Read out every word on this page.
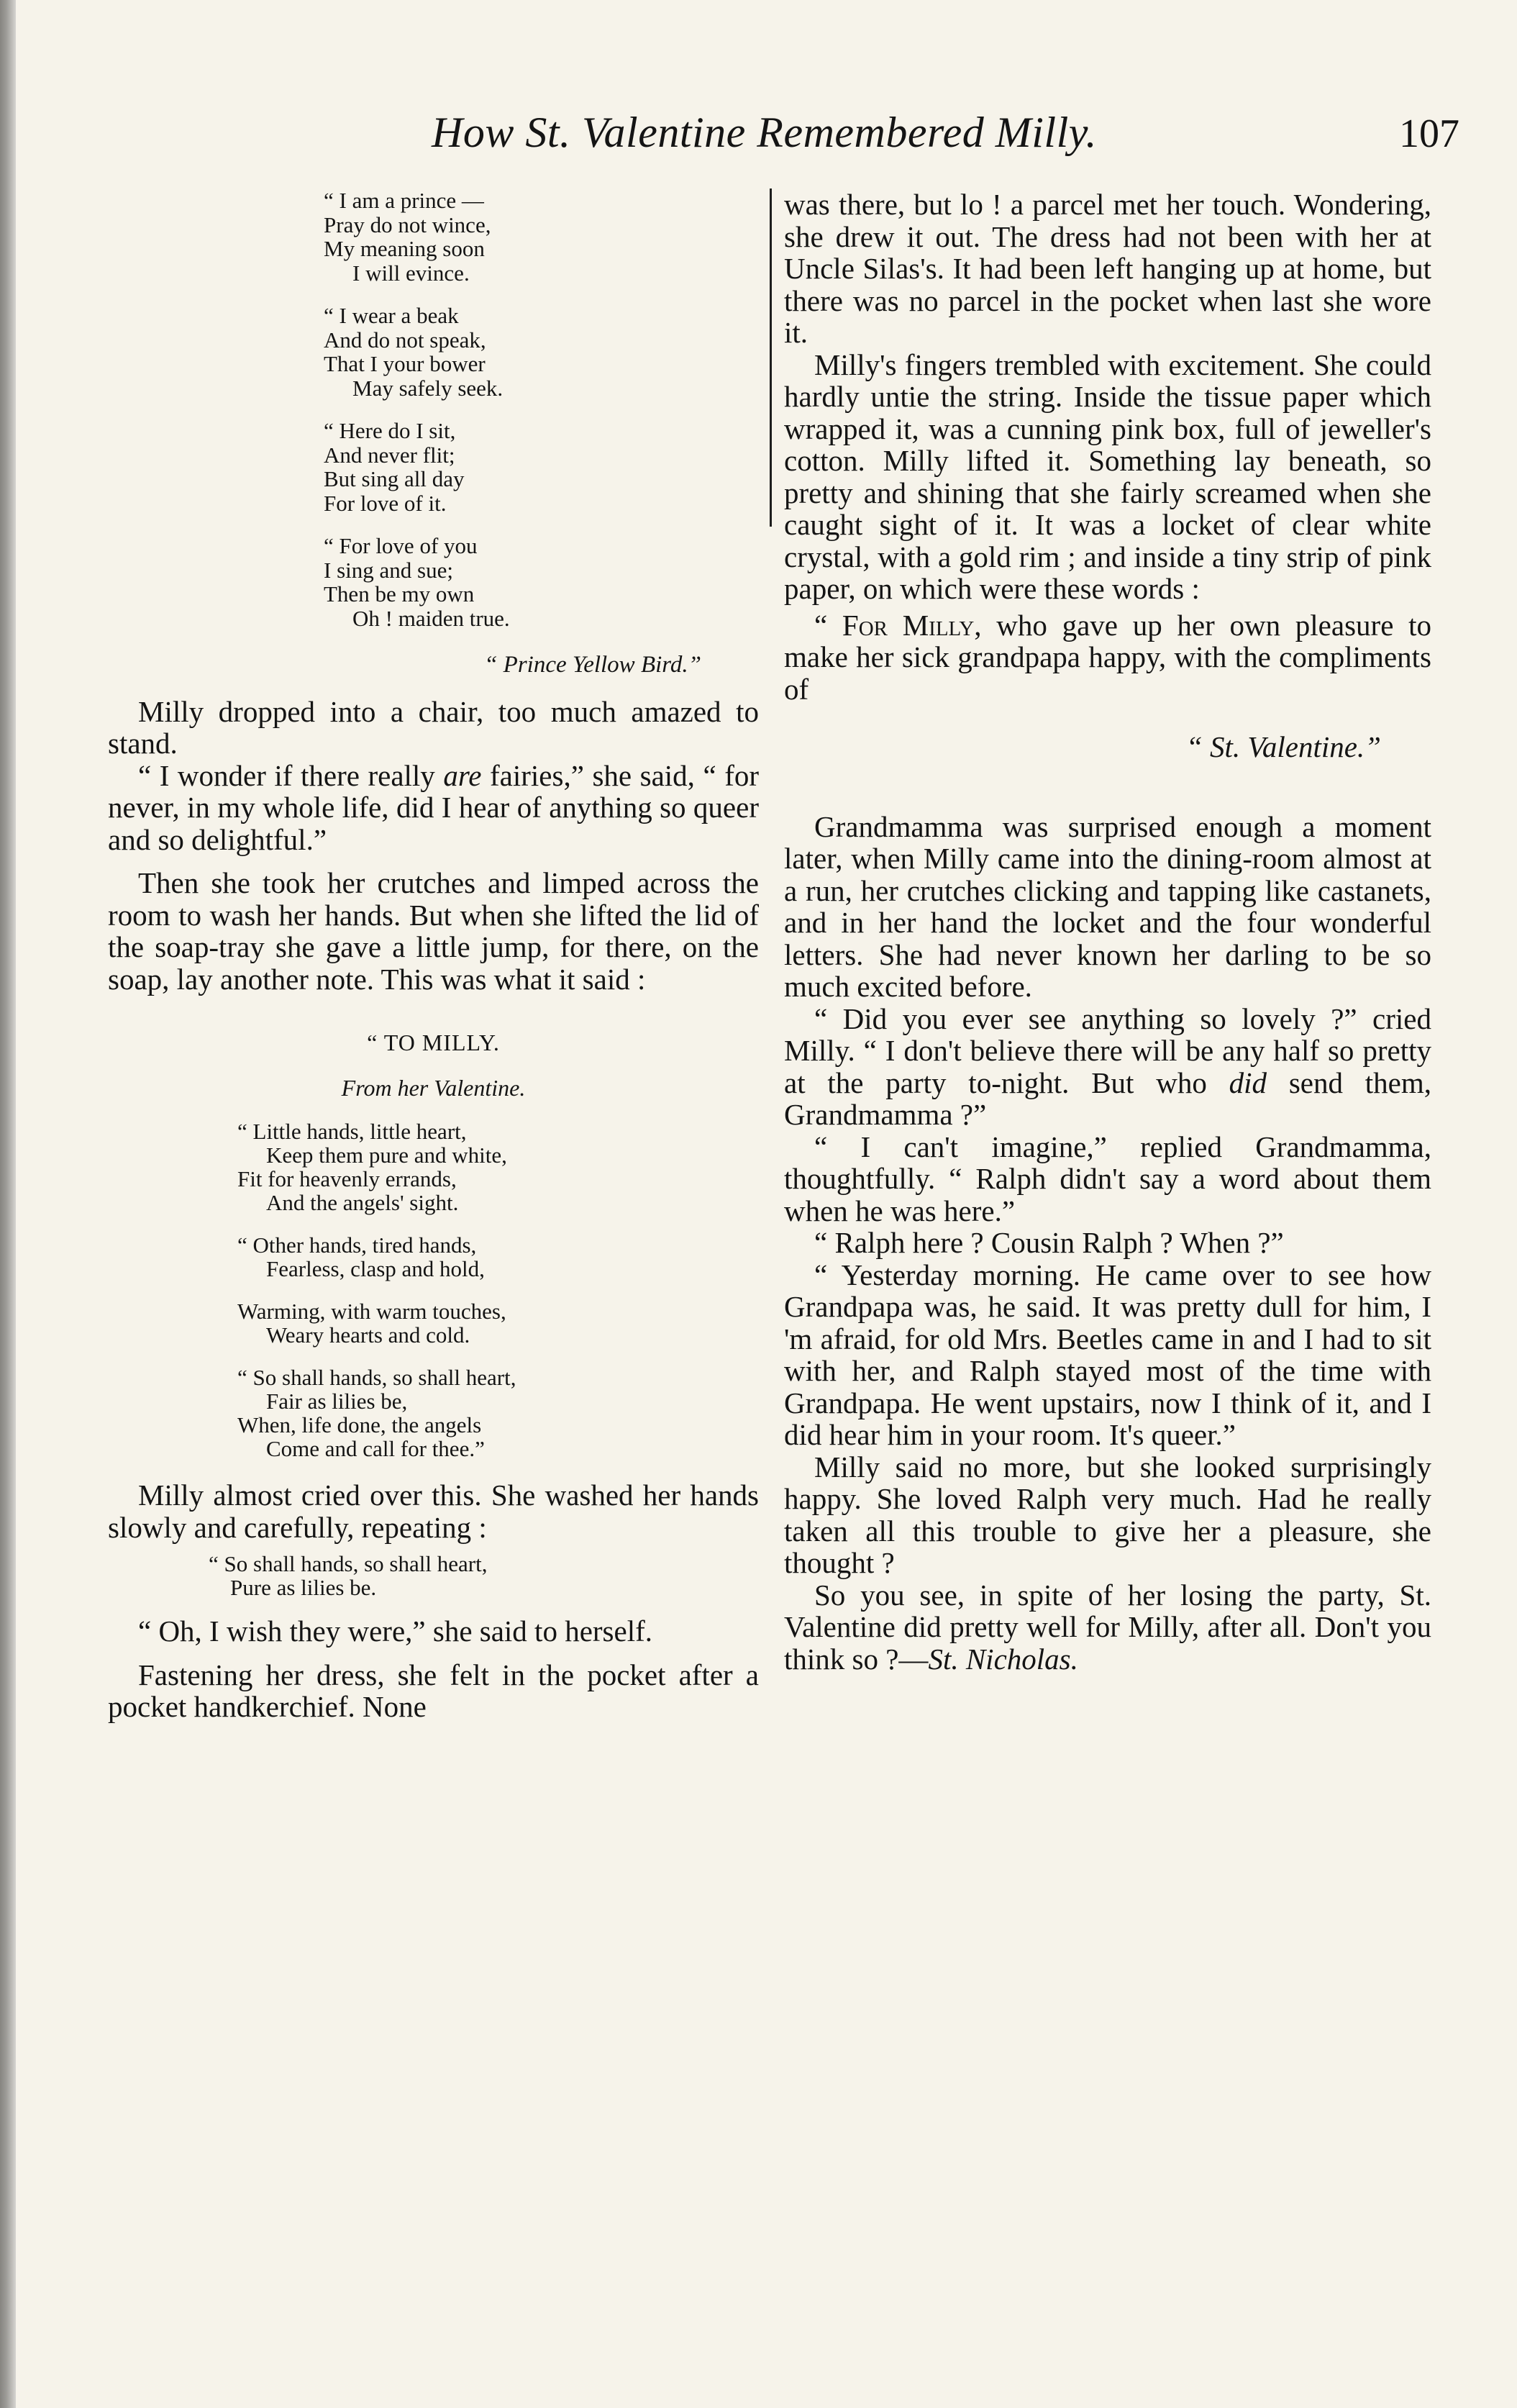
How St. Valentine Remembered Milly.	107
“ I am a prince —
Pray do not wince,
My meaning soon
I will evince.
“ I wear a beak
And do not speak,
That I your bower
May safely seek.
“ Here do I sit,
And never flit;
But sing all day
For love of it.
“ For love of you
I sing and sue;
Then be my own
Oh ! maiden true.
“ Prince Yellow Bird.”

Milly dropped into a chair, too much amazed to stand.

“ I wonder if there really are fairies,” she said, “ for never, in my whole life, did I hear of anything so queer and so delightful.”

Then she took her crutches and limped across the room to wash her hands. But when she lifted the lid of the soap-tray she gave a little jump, for there, on the soap, lay another note. This was what it said :

“ TO MILLY.
From her Valentine.
“ Little hands, little heart,
Keep them pure and white,
Fit for heavenly errands,
And the angels' sight.
“ Other hands, tired hands,
Fearless, clasp and hold,
Warming, with warm touches,
Weary hearts and cold.
“ So shall hands, so shall heart,
Fair as lilies be,
When, life done, the angels
Come and call for thee.”

Milly almost cried over this. She washed her hands slowly and carefully, repeating :

“ So shall hands, so shall heart,
Pure as lilies be.

“ Oh, I wish they were,” she said to herself.

Fastening her dress, she felt in the pocket after a pocket handkerchief. None

was there, but lo ! a parcel met her touch. Wondering, she drew it out. The dress had not been with her at Uncle Silas's. It had been left hanging up at home, but there was no parcel in the pocket when last she wore it.

Milly's fingers trembled with excitement. She could hardly untie the string. Inside the tissue paper which wrapped it, was a cunning pink box, full of jeweller's cotton. Milly lifted it. Something lay beneath, so pretty and shining that she fairly screamed when she caught sight of it. It was a locket of clear white crystal, with a gold rim ; and inside a tiny strip of pink paper, on which were these words :

“ For Milly, who gave up her own pleasure to make her sick grandpapa happy, with the compliments of

“ St. Valentine.”

Grandmamma was surprised enough a moment later, when Milly came into the dining-room almost at a run, her crutches clicking and tapping like castanets, and in her hand the locket and the four wonderful letters. She had never known her darling to be so much excited before.

“ Did you ever see anything so lovely ?” cried Milly. “ I don't believe there will be any half so pretty at the party to-night. But who did send them, Grandmamma ?”

“ I can't imagine,” replied Grandmamma, thoughtfully. “ Ralph didn't say a word about them when he was here.”

“ Ralph here ? Cousin Ralph ? When ?”

“ Yesterday morning. He came over to see how Grandpapa was, he said. It was pretty dull for him, I 'm afraid, for old Mrs. Beetles came in and I had to sit with her, and Ralph stayed most of the time with Grandpapa. He went upstairs, now I think of it, and I did hear him in your room. It's queer.”

Milly said no more, but she looked surprisingly happy. She loved Ralph very much. Had he really taken all this trouble to give her a pleasure, she thought ?

So you see, in spite of her losing the party, St. Valentine did pretty well for Milly, after all. Don't you think so ?—St. Nicholas.
